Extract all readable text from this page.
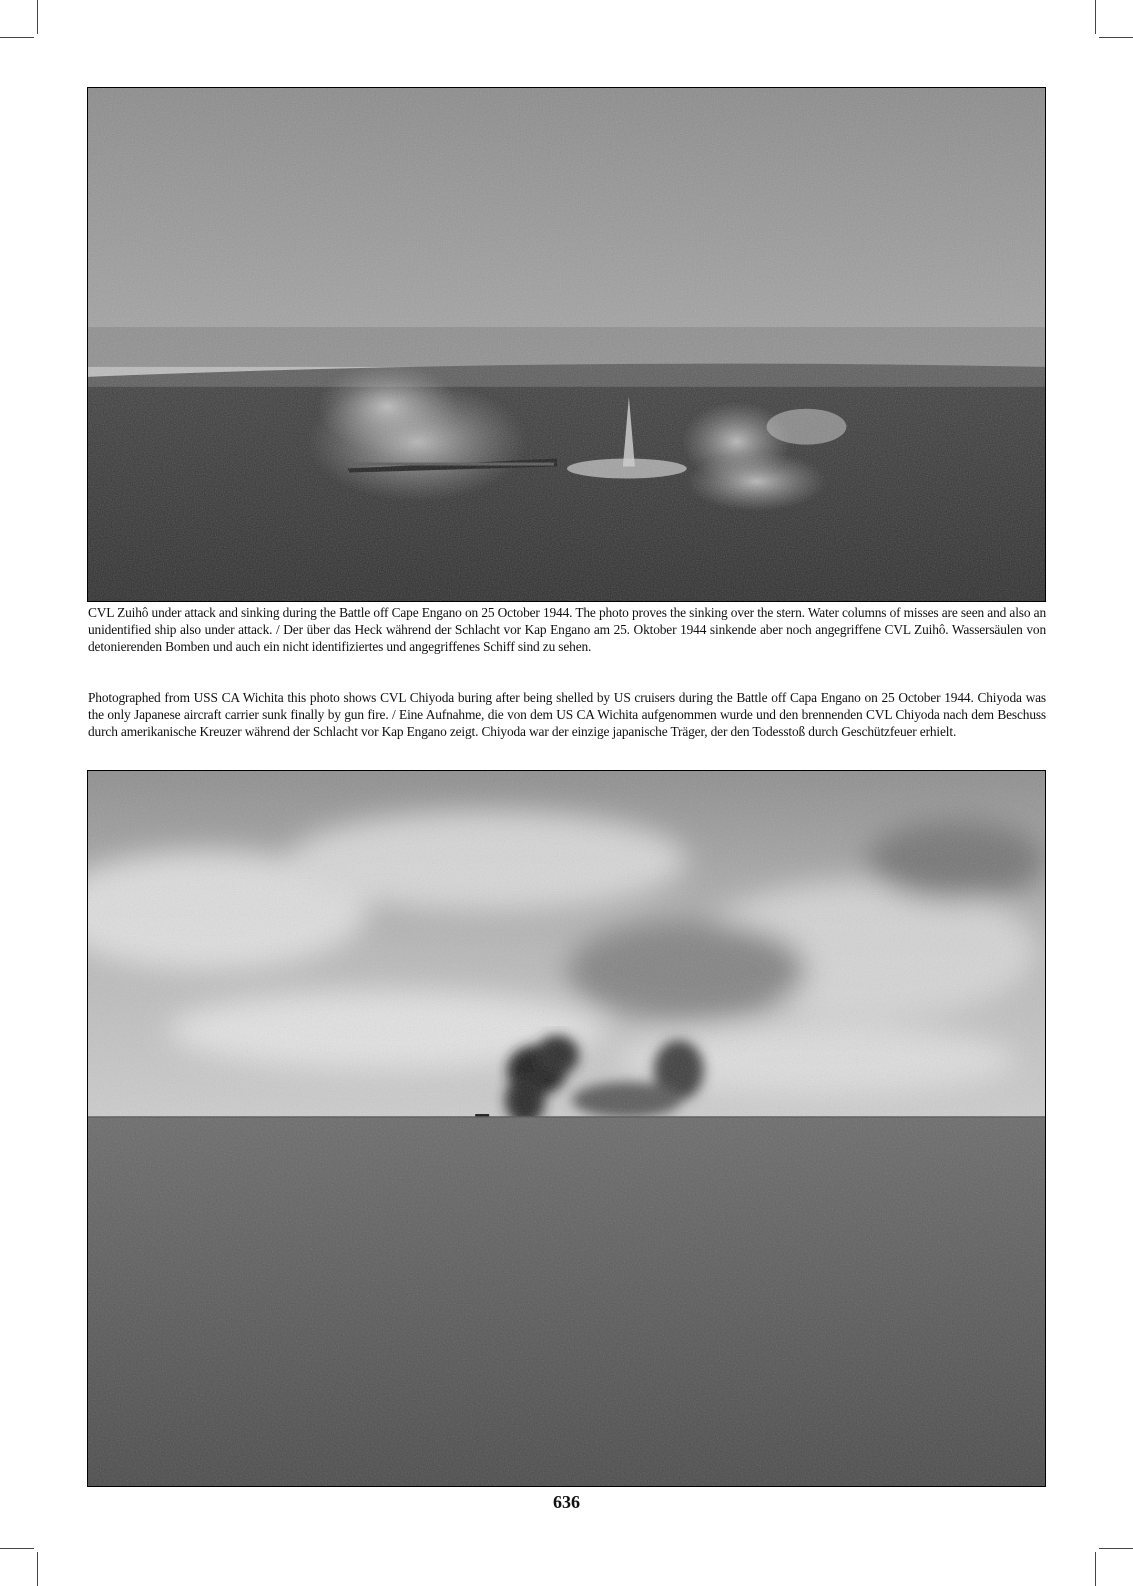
CVL Zuihô under attack and sinking during the Battle off Cape Engano on 25 October 1944. The photo proves the sinking over the stern. Water columns of misses are seen and also an unidentified ship also under attack. / Der über das Heck während der Schlacht vor Kap Engano am 25. Oktober 1944 sinkende aber noch angegriffene CVL Zuihô. Wassersäulen von detonierenden Bomben und auch ein nicht identifiziertes und angegriffenes Schiff sind zu sehen.
Photographed from USS CA Wichita this photo shows CVL Chiyoda buring after being shelled by US cruisers during the Battle off Capa Engano on 25 October 1944. Chiyoda was the only Japanese aircraft carrier sunk finally by gun fire. / Eine Aufnahme, die von dem US CA Wichita aufgenommen wurde und den brennenden CVL Chiyoda nach dem Beschuss durch amerikanische Kreuzer während der Schlacht vor Kap Engano zeigt. Chiyoda war der einzige japanische Träger, der den Todesstoß durch Geschützfeuer erhielt.
636
